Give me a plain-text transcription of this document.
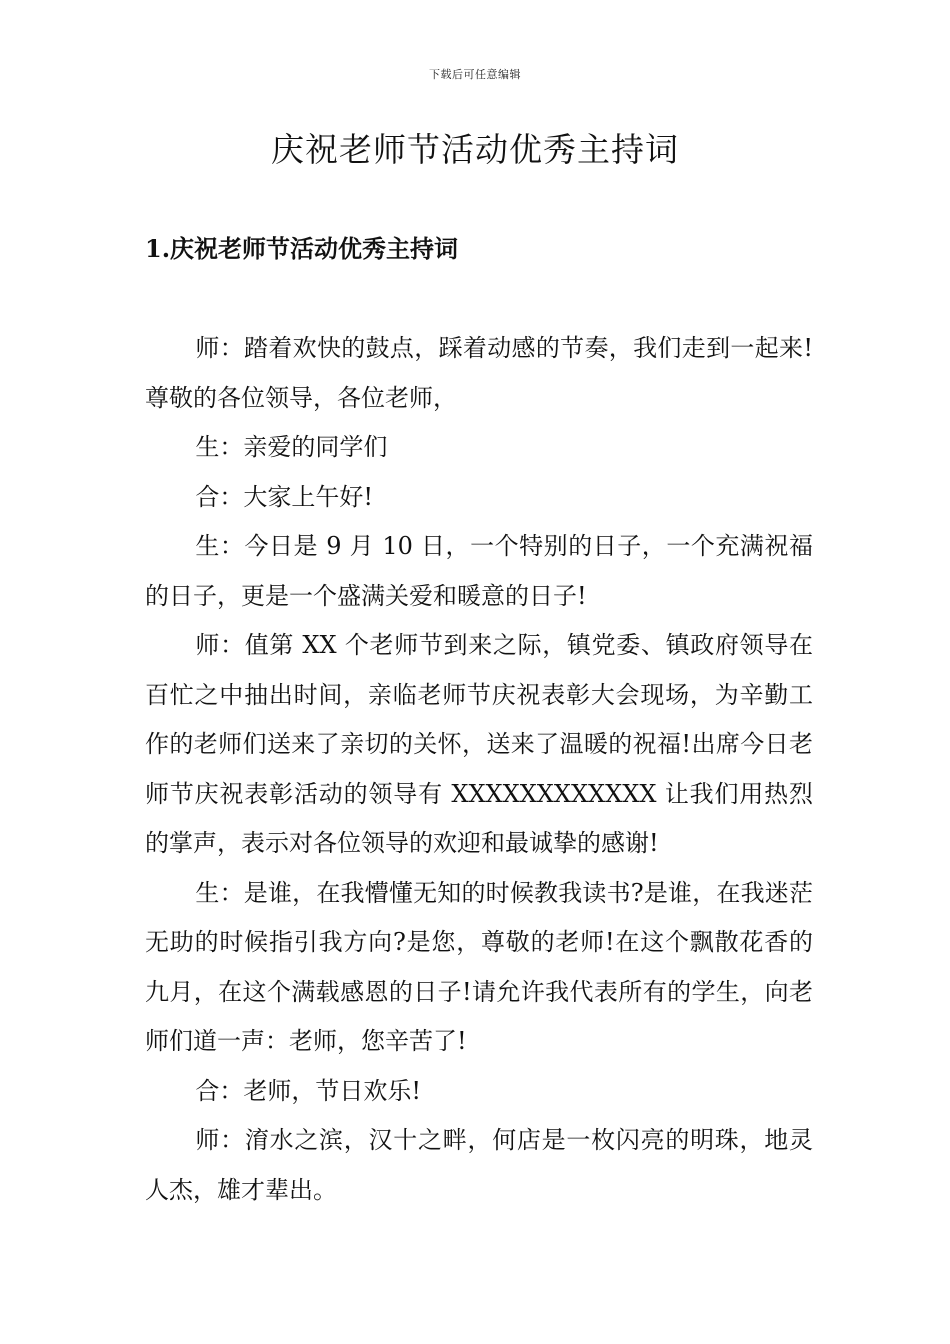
下载后可任意编辑
庆祝老师节活动优秀主持词
1.庆祝老师节活动优秀主持词

师：踏着欢快的鼓点，踩着动感的节奏，我们走到一起来!尊敬的各位领导，各位老师，

生：亲爱的同学们

合：大家上午好!

生：今日是 9 月 10 日，一个特别的日子，一个充满祝福的日子，更是一个盛满关爱和暖意的日子!

师：值第 XX 个老师节到来之际，镇党委、镇政府领导在百忙之中抽出时间，亲临老师节庆祝表彰大会现场，为辛勤工作的老师们送来了亲切的关怀，送来了温暖的祝福!出席今日老师节庆祝表彰活动的领导有 XXXXXXXXXXXX 让我们用热烈的掌声，表示对各位领导的欢迎和最诚挚的感谢!

生：是谁，在我懵懂无知的时候教我读书?是谁，在我迷茫无助的时候指引我方向?是您，尊敬的老师!在这个飘散花香的九月，在这个满载感恩的日子!请允许我代表所有的学生，向老师们道一声：老师，您辛苦了!

合：老师，节日欢乐!

师：淯水之滨，汉十之畔，何店是一枚闪亮的明珠，地灵人杰，雄才辈出。
